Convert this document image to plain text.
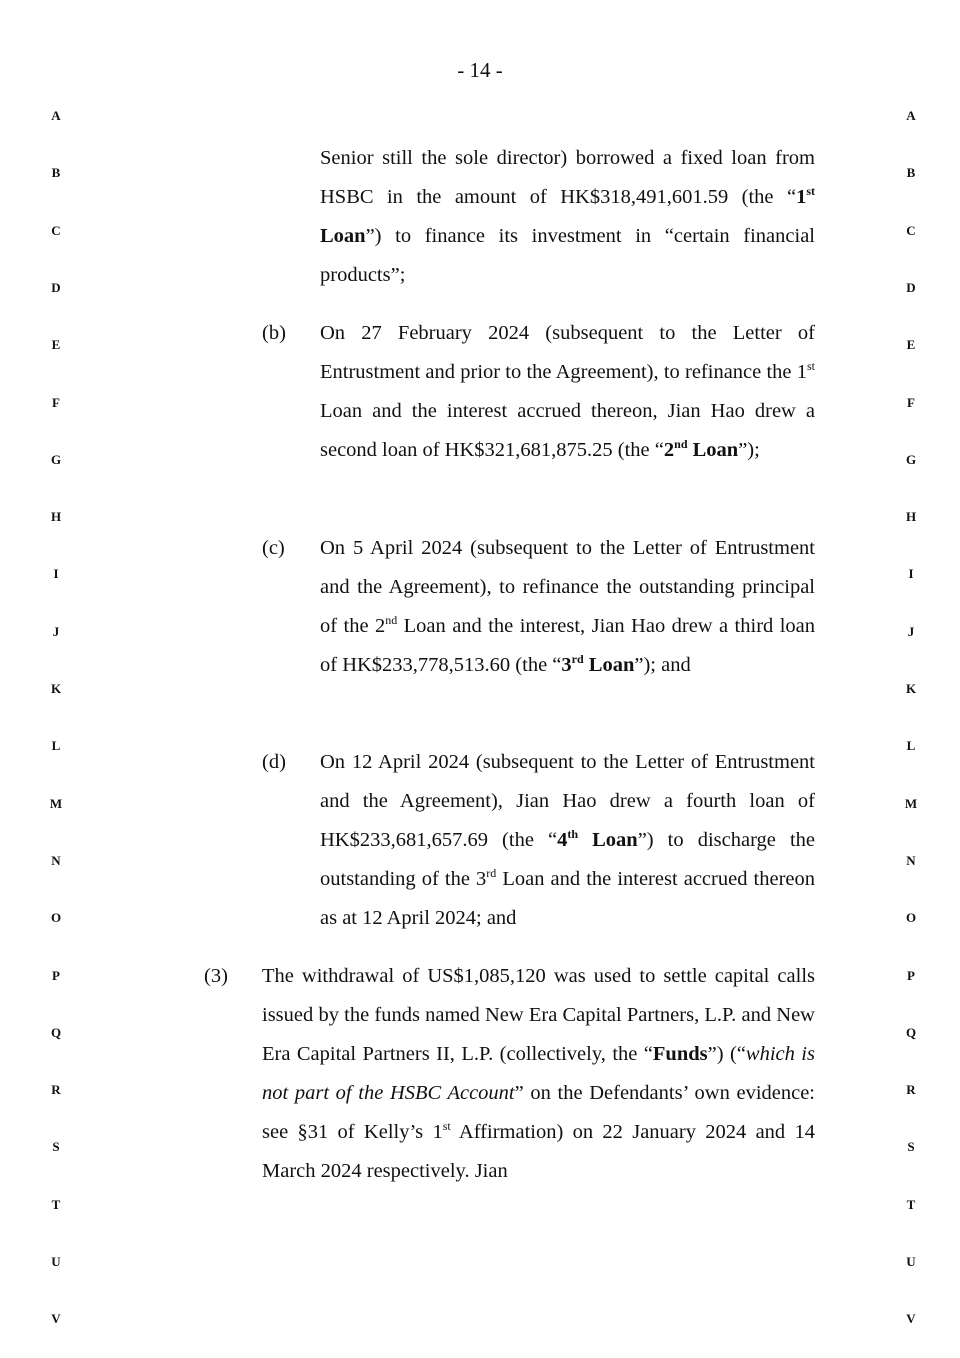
- 14 -
A	A
B	B
C	C
D	D
E	E
F	F
G	G
H	H
I	I
J	J
K	K
L	L
M	M
N	N
O	O
P	P
Q	Q
R	R
S	S
T	T
U	U
V	V
Senior still the sole director) borrowed a fixed loan from HSBC in the amount of HK$318,491,601.59 (the “1st Loan”) to finance its investment in “certain financial products”;
(b) On 27 February 2024 (subsequent to the Letter of Entrustment and prior to the Agreement), to refinance the 1st Loan and the interest accrued thereon, Jian Hao drew a second loan of HK$321,681,875.25 (the “2nd Loan”);
(c) On 5 April 2024 (subsequent to the Letter of Entrustment and the Agreement), to refinance the outstanding principal of the 2nd Loan and the interest, Jian Hao drew a third loan of HK$233,778,513.60 (the “3rd Loan”); and
(d) On 12 April 2024 (subsequent to the Letter of Entrustment and the Agreement), Jian Hao drew a fourth loan of HK$233,681,657.69 (the “4th Loan”) to discharge the outstanding of the 3rd Loan and the interest accrued thereon as at 12 April 2024; and
(3) The withdrawal of US$1,085,120 was used to settle capital calls issued by the funds named New Era Capital Partners, L.P. and New Era Capital Partners II, L.P. (collectively, the “Funds”) (“which is not part of the HSBC Account” on the Defendants’ own evidence: see §31 of Kelly’s 1st Affirmation) on 22 January 2024 and 14 March 2024 respectively. Jian
